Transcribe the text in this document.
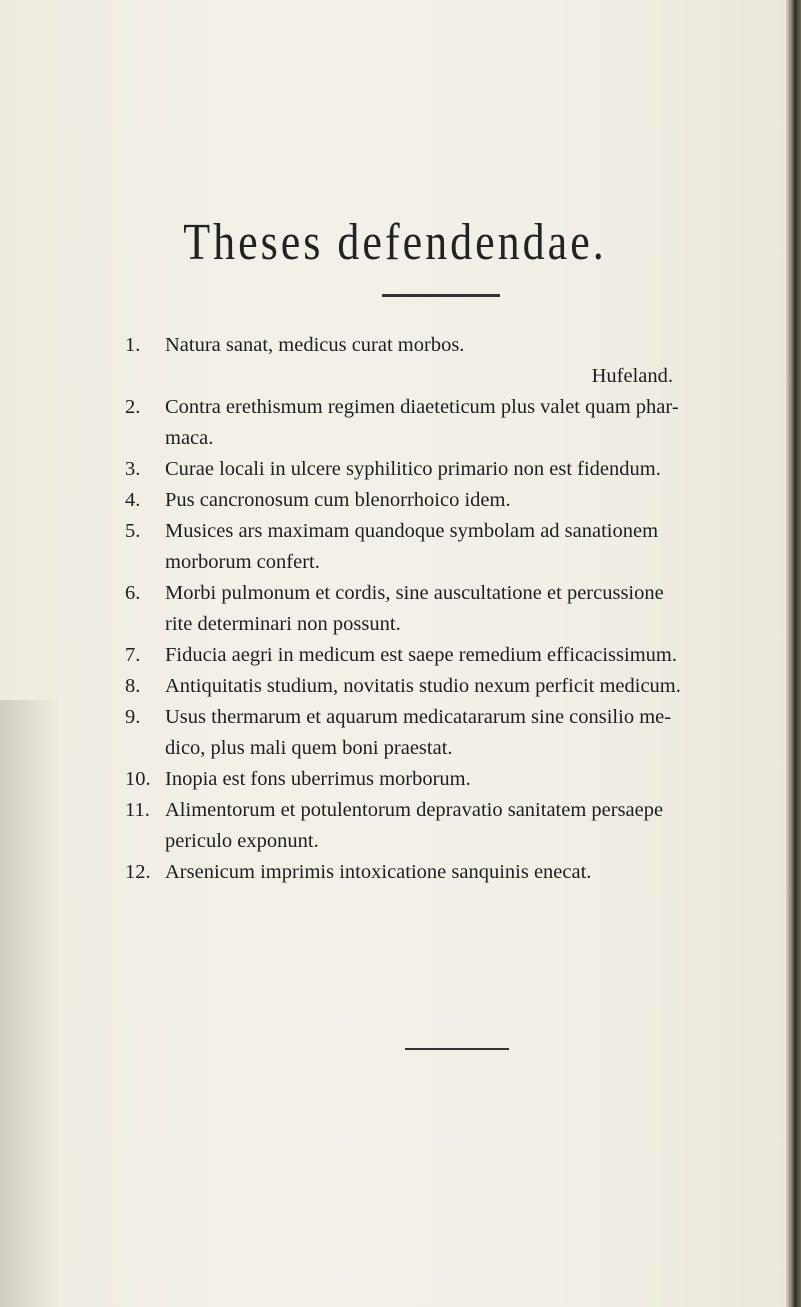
Theses defendendae.
1. Natura sanat, medicus curat morbos.
Hufeland.
2. Contra erethismum regimen diaeteticum plus valet quam phar-
maca.
3. Curae locali in ulcere syphilitico primario non est fidendum.
4. Pus cancronosum cum blenorrhoico idem.
5. Musices ars maximam quandoque symbolam ad sanationem
morborum confert.
6. Morbi pulmonum et cordis, sine auscultatione et percussione
rite determinari non possunt.
7. Fiducia aegri in medicum est saepe remedium efficacissimum.
8. Antiquitatis studium, novitatis studio nexum perficit medicum.
9. Usus thermarum et aquarum medicatararum sine consilio me-
dico, plus mali quem boni praestat.
10. Inopia est fons uberrimus morborum.
11. Alimentorum et potulentorum depravatio sanitatem persaepe
periculo exponunt.
12. Arsenicum imprimis intoxicatione sanquinis enecat.
